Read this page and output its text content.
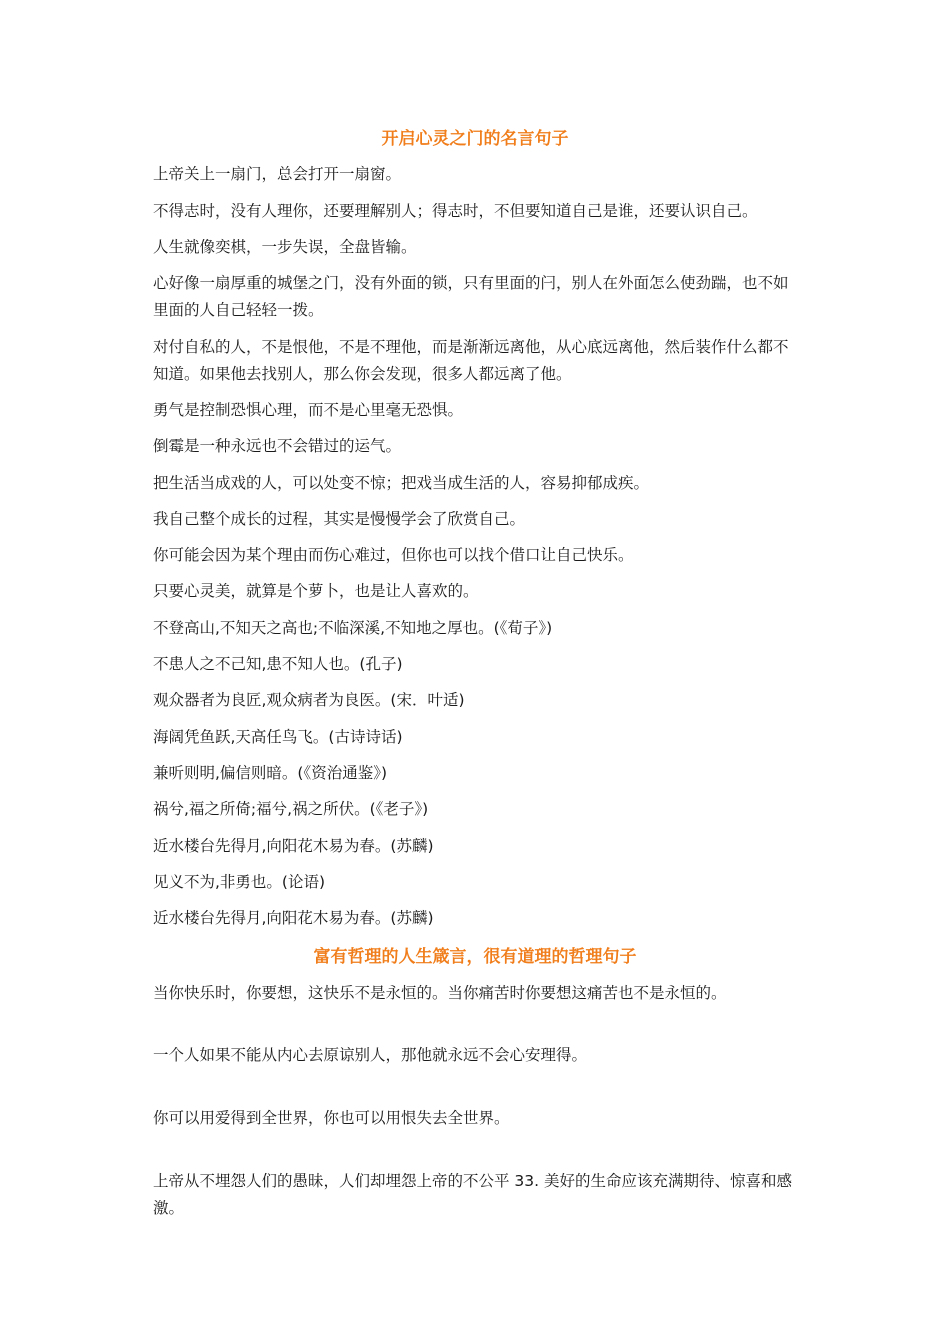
开启心灵之门的名言句子

上帝关上一扇门，总会打开一扇窗。

不得志时，没有人理你，还要理解别人；得志时，不但要知道自己是谁，还要认识自己。

人生就像奕棋，一步失误，全盘皆输。

心好像一扇厚重的城堡之门，没有外面的锁，只有里面的闩，别人在外面怎么使劲踹，也不如里面的人自己轻轻一拨。

对付自私的人，不是恨他，不是不理他，而是渐渐远离他，从心底远离他，然后装作什么都不知道。如果他去找别人，那么你会发现，很多人都远离了他。

勇气是控制恐惧心理，而不是心里毫无恐惧。

倒霉是一种永远也不会错过的运气。

把生活当成戏的人，可以处变不惊；把戏当成生活的人，容易抑郁成疾。

我自己整个成长的过程，其实是慢慢学会了欣赏自己。

你可能会因为某个理由而伤心难过，但你也可以找个借口让自己快乐。

只要心灵美，就算是个萝卜，也是让人喜欢的。

不登高山,不知天之高也;不临深溪,不知地之厚也。(《荀子》)

不患人之不己知,患不知人也。(孔子)

观众器者为良匠,观众病者为良医。(宋．叶适)

海阔凭鱼跃,天高任鸟飞。(古诗诗话)

兼听则明,偏信则暗。(《资治通鉴》)

祸兮,福之所倚;福兮,祸之所伏。(《老子》)

近水楼台先得月,向阳花木易为春。(苏麟)

见义不为,非勇也。(论语)

近水楼台先得月,向阳花木易为春。(苏麟)

富有哲理的人生箴言，很有道理的哲理句子

当你快乐时，你要想，这快乐不是永恒的。当你痛苦时你要想这痛苦也不是永恒的。

一个人如果不能从内心去原谅别人，那他就永远不会心安理得。

你可以用爱得到全世界，你也可以用恨失去全世界。

上帝从不埋怨人们的愚昧，人们却埋怨上帝的不公平 33. 美好的生命应该充满期待、惊喜和感激。
